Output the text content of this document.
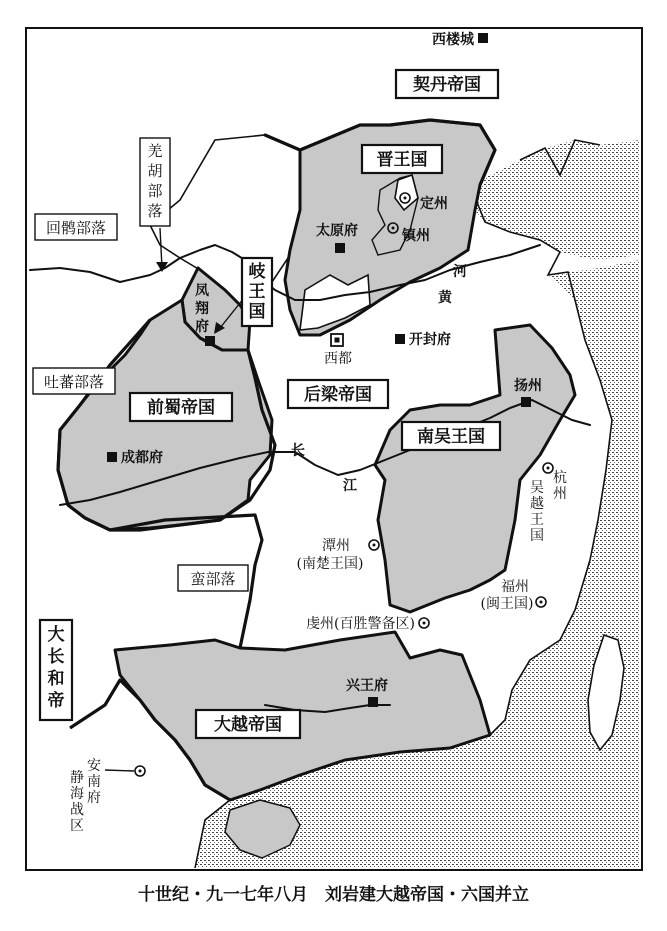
契丹帝国
晋王国
岐
王
国
前蜀帝国
后梁帝国
南吴王国
大越帝国
大
长
和
帝
羌
胡
部
落
回鹘部落
吐蕃部落
蛮部落
西楼城
定州
太原府	镇州
凤
翔
府
西都
开封府
扬州
成都府
杭
州
吴
越
王
国
潭州
(南楚王国)
福州
(闽王国)
虔州(百胜警备区)
兴王府
安
南
府
静
海
战
区
河
黄
长
江
十世纪・九一七年八月　刘岩建大越帝国・六国并立
